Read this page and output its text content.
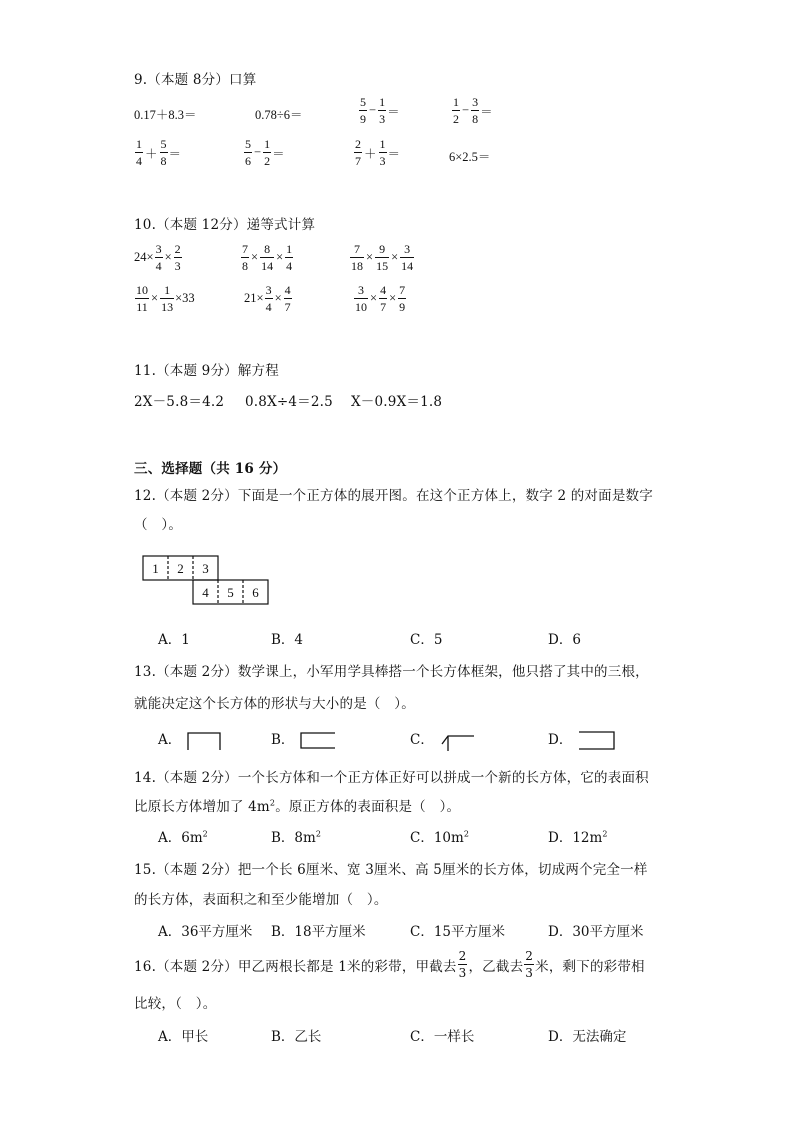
9.（本题 8分）口算
0.17＋8.3＝	0.78÷6＝	$\frac{5}{9} - \frac{1}{3}$ ＝	$\frac{1}{2} - \frac{3}{8}$ ＝
$\frac{1}{4} + \frac{5}{8}$ ＝	$\frac{5}{6} - \frac{1}{2}$ ＝	$\frac{2}{7} + \frac{1}{3}$ ＝	6×2.5＝
10.（本题 12分）递等式计算
$24\times \frac{3}{4} \times \frac{2}{3}$	$\frac{7}{8} \times \frac{8}{14} \times \frac{1}{4}$	$\frac{7}{18} \times \frac{9}{15} \times \frac{3}{14}$
$\frac{10}{11} \times \frac{1}{13} \times 33$	$21\times \frac{3}{4} \times \frac{4}{7}$	$\frac{3}{10} \times \frac{4}{7} \times \frac{7}{9}$
11.（本题 9分）解方程
2X－5.8＝4.2 0.8X÷4＝2.5 X－0.9X＝1.8
三、选择题（共 16 分）
12.（本题 2分）下面是一个正方体的展开图。在这个正方体上，数字 2 的对面是数字
（　）。
1 2 3
4 5 6
A．1	B．4	C．5	D．6
13.（本题 2分）数学课上，小军用学具棒搭一个长方体框架，他只搭了其中的三根，
就能决定这个长方体的形状与大小的是（　）。
A．	B．	C．	D．
14.（本题 2分）一个长方体和一个正方体正好可以拼成一个新的长方体，它的表面积
比原长方体增加了 $4m^2$。原正方体的表面积是（　）。
A．$6m^2$	B．$8m^2$	C．$10m^2$	D．$12m^2$
15.（本题 2分）把一个长 6厘米、宽 3厘米、高 5厘米的长方体，切成两个完全一样
的长方体，表面积之和至少能增加（　）。
A．36平方厘米 B．18平方厘米	C．15平方厘米	D．30平方厘米
16.（本题 2分）甲乙两根长都是 1米的彩带，甲截去 $\frac{2}{3}$ ，乙截去 $\frac{2}{3}$ 米，剩下的彩带相
比较，（　）。
A．甲长	B．乙长	C．一样长	D．无法确定
